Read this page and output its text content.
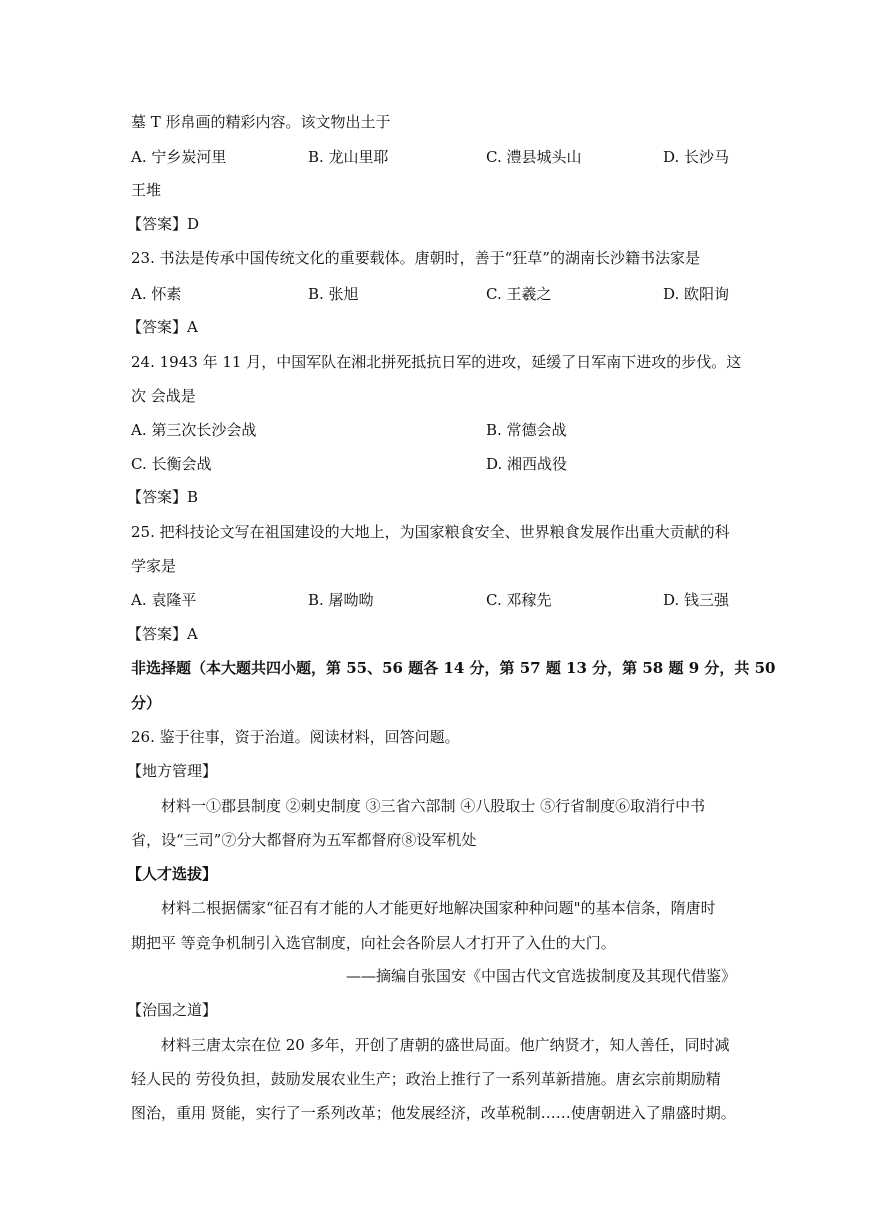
墓 T 形帛画的精彩内容。该文物出土于
A. 宁乡炭河里	B. 龙山里耶	C. 澧县城头山	D. 长沙马
王堆
【答案】D
23. 书法是传承中国传统文化的重要载体。唐朝时，善于“狂草”的湖南长沙籍书法家是
A. 怀素	B. 张旭	C. 王羲之	D. 欧阳询
【答案】A
24. 1943 年 11 月，中国军队在湘北拼死抵抗日军的进攻，延缓了日军南下进攻的步伐。这
次 会战是
A. 第三次长沙会战	B. 常德会战
C. 长衡会战	D. 湘西战役
【答案】B
25. 把科技论文写在祖国建设的大地上，为国家粮食安全、世界粮食发展作出重大贡献的科
学家是
A. 袁隆平	B. 屠呦呦	C. 邓稼先	D. 钱三强
【答案】A
非选择题（本大题共四小题，第 55、56 题各 14 分，第 57 题 13 分，第 58 题 9 分，共 50
分）
26. 鉴于往事，资于治道。阅读材料，回答问题。
【地方管理】
材料一①郡县制度 ②刺史制度 ③三省六部制 ④八股取士 ⑤行省制度⑥取消行中书
省，设“三司”⑦分大都督府为五军都督府⑧设军机处
【人才选拔】
材料二根据儒家“征召有才能的人才能更好地解决国家种种问题"的基本信条，隋唐时
期把平 等竞争机制引入选官制度，向社会各阶层人才打开了入仕的大门。
——摘编自张国安《中国古代文官选拔制度及其现代借鉴》
【治国之道】
材料三唐太宗在位 20 多年，开创了唐朝的盛世局面。他广纳贤才，知人善任，同时减
轻人民的 劳役负担，鼓励发展农业生产；政治上推行了一系列革新措施。唐玄宗前期励精
图治，重用 贤能，实行了一系列改革；他发展经济，改革税制……使唐朝进入了鼎盛时期。
